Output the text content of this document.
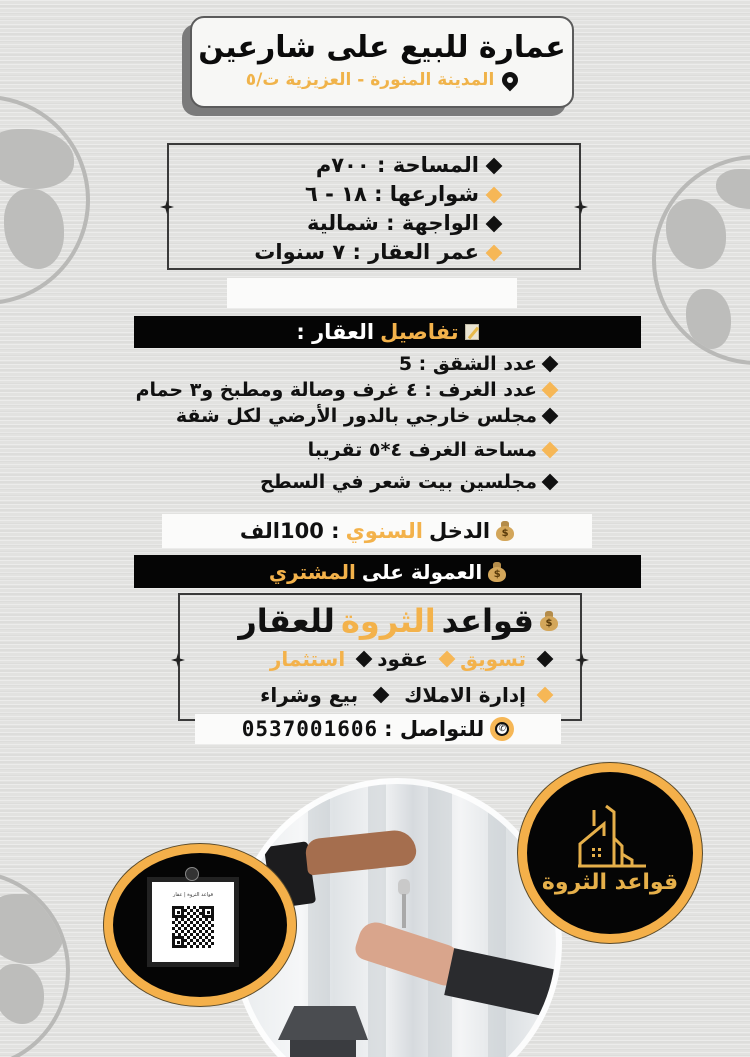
عمارة للبيع على شارعين
المدينة المنورة - العزيزية ت/٥
المساحة : ٧٠٠م
شوارعها : ١٨ - ٦
الواجهة : شمالية
عمر العقار : ٧ سنوات
تفاصيل
العقار :
عدد الشقق : 5
عدد الغرف : ٤ غرف وصالة ومطبخ و٣ حمام
مجلس خارجي بالدور الأرضي لكل شقة
مساحة الغرف ٤*٥ تقريبا
مجلسين بيت شعر في السطح
$
الدخل
السنوي
: 100الف
$
العمولة على
المشتري
$
قواعد
الثروة
للعقار
تسويق
عقود
استثمار
إدارة الاملاك
بيع وشراء
✆
للتواصل :
0537001606
قواعد الثروة | عقار	قواعد الثروة
